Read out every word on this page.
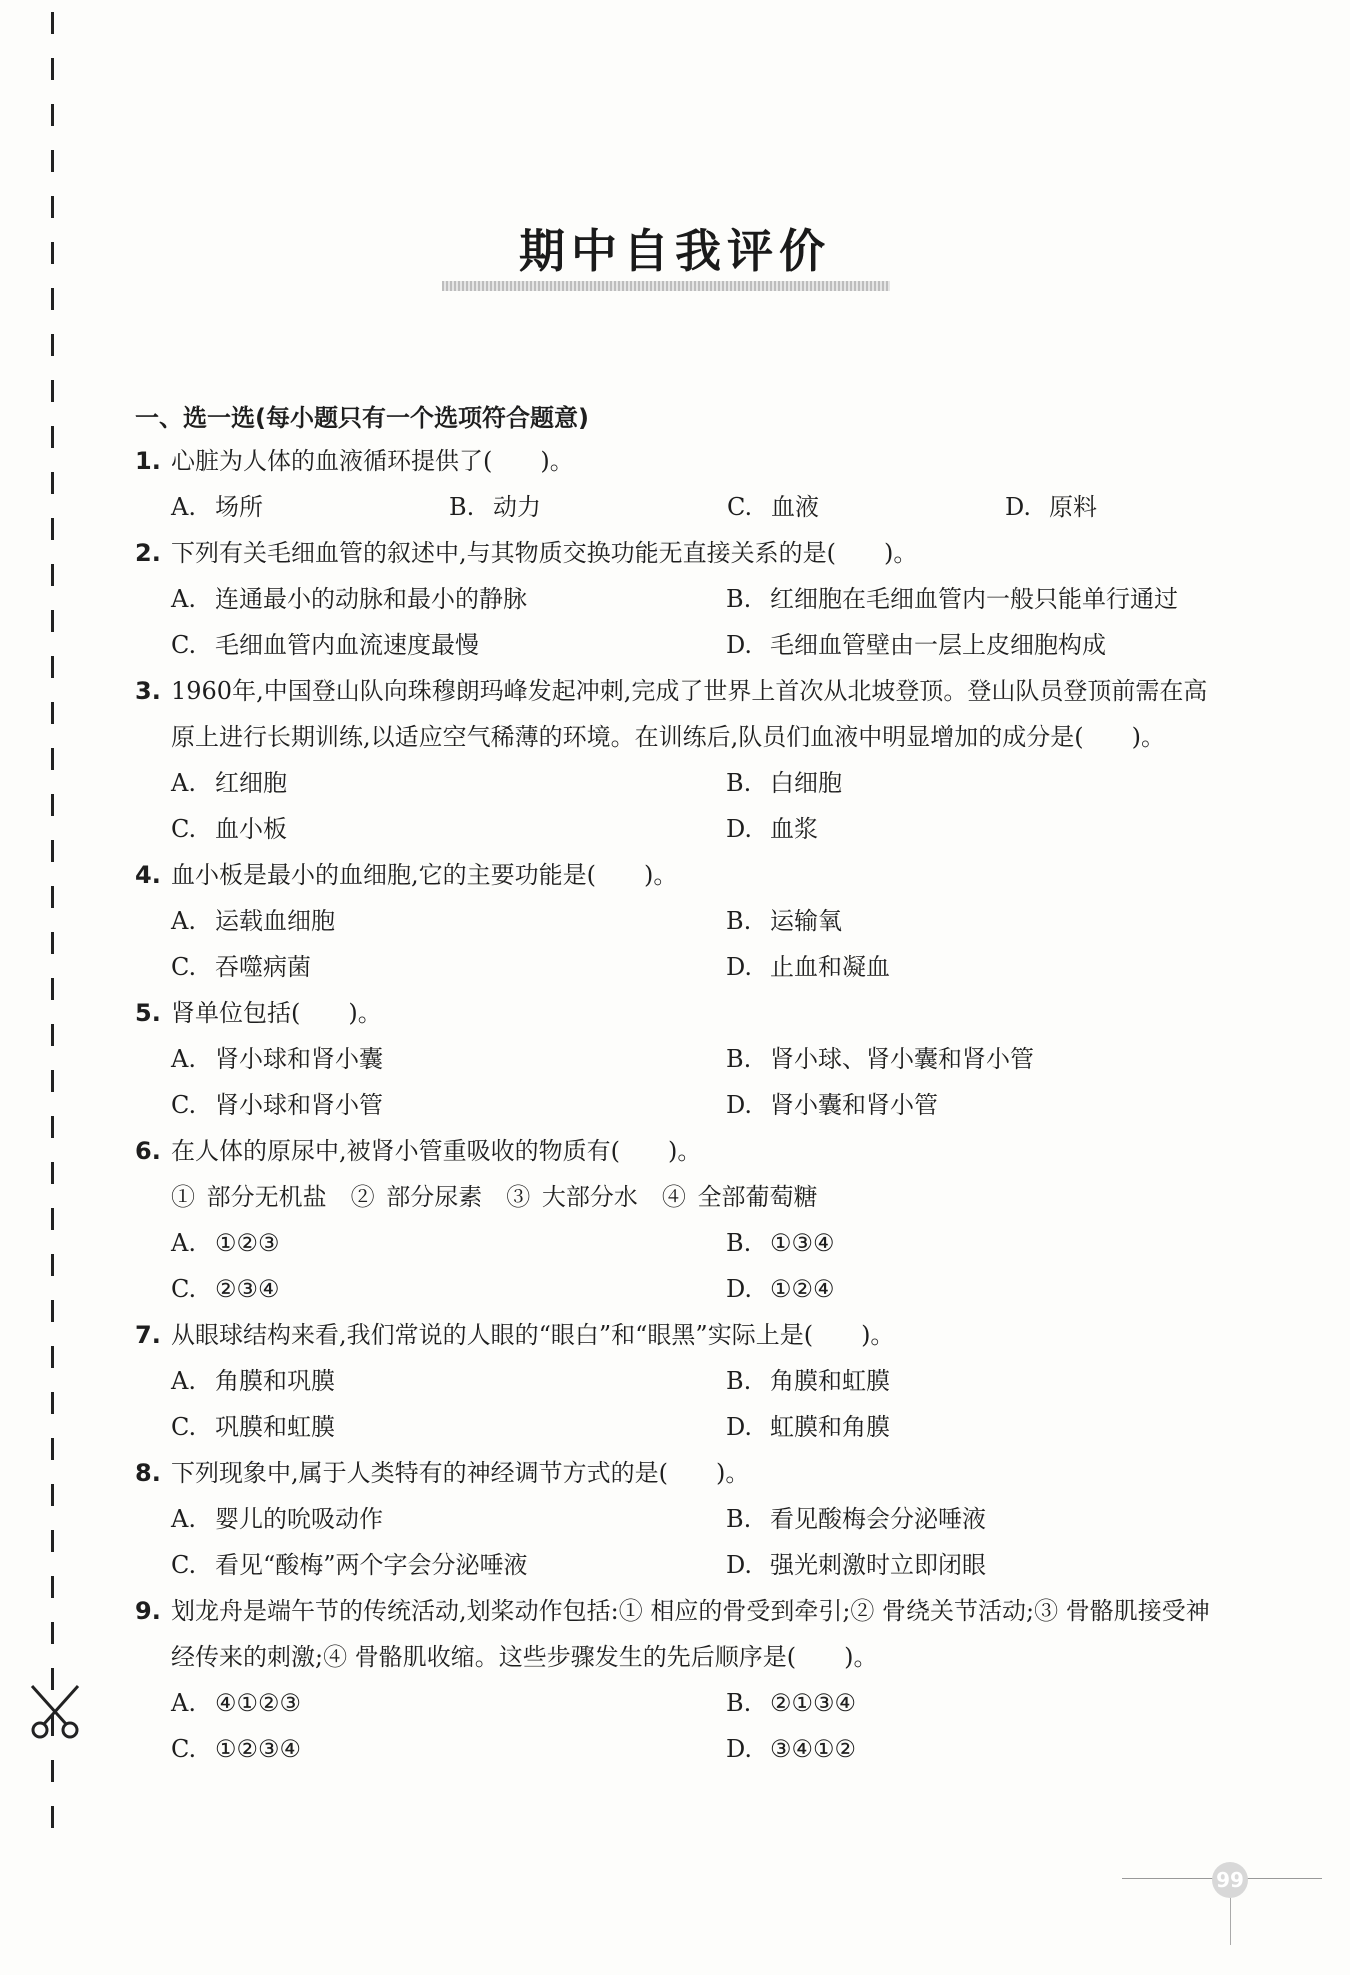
期中自我评价
一、选一选(每小题只有一个选项符合题意)
1. 心脏为人体的血液循环提供了(　　)。
A. 场所	B. 动力	C. 血液	D. 原料
2. 下列有关毛细血管的叙述中,与其物质交换功能无直接关系的是(　　)。
A. 连通最小的动脉和最小的静脉	B. 红细胞在毛细血管内一般只能单行通过
C. 毛细血管内血流速度最慢	D. 毛细血管壁由一层上皮细胞构成
3. 1960年,中国登山队向珠穆朗玛峰发起冲刺,完成了世界上首次从北坡登顶。登山队员登顶前需在高原上进行长期训练,以适应空气稀薄的环境。在训练后,队员们血液中明显增加的成分是(　　)。
A. 红细胞	B. 白细胞
C. 血小板	D. 血浆
4. 血小板是最小的血细胞,它的主要功能是(　　)。
A. 运载血细胞	B. 运输氧
C. 吞噬病菌	D. 止血和凝血
5. 肾单位包括(　　)。
A. 肾小球和肾小囊	B. 肾小球、肾小囊和肾小管
C. 肾小球和肾小管	D. 肾小囊和肾小管
6. 在人体的原尿中,被肾小管重吸收的物质有(　　)。
① 部分无机盐 ② 部分尿素 ③ 大部分水 ④ 全部葡萄糖
A. ①②③	B. ①③④
C. ②③④	D. ①②④
7. 从眼球结构来看,我们常说的人眼的“眼白”和“眼黑”实际上是(　　)。
A. 角膜和巩膜	B. 角膜和虹膜
C. 巩膜和虹膜	D. 虹膜和角膜
8. 下列现象中,属于人类特有的神经调节方式的是(　　)。
A. 婴儿的吮吸动作	B. 看见酸梅会分泌唾液
C. 看见“酸梅”两个字会分泌唾液	D. 强光刺激时立即闭眼
9. 划龙舟是端午节的传统活动,划桨动作包括:① 相应的骨受到牵引;② 骨绕关节活动;③ 骨骼肌接受神经传来的刺激;④ 骨骼肌收缩。这些步骤发生的先后顺序是(　　)。
A. ④①②③	B. ②①③④
C. ①②③④	D. ③④①②
99
